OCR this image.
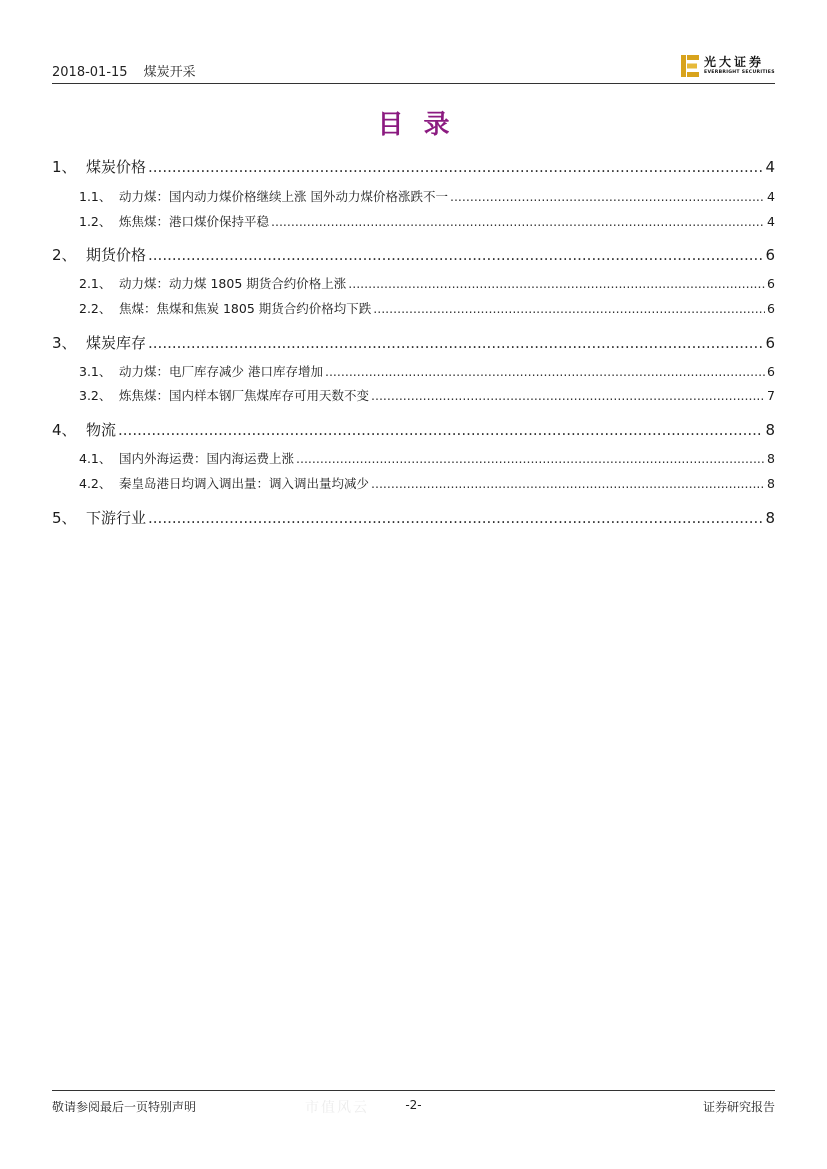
2018-01-15 煤炭开采
光大证券
EVERBRIGHT SECURITIES
目录
1、 煤炭价格 .....	4
1.1、 动力煤：国内动力煤价格继续上涨 国外动力煤价格涨跌不一 .....	4
1.2、 炼焦煤：港口煤价保持平稳 .....	4
2、 期货价格 .....	6
2.1、 动力煤：动力煤 1805 期货合约价格上涨 .....	6
2.2、 焦煤：焦煤和焦炭 1805 期货合约价格均下跌 .....	6
3、 煤炭库存 .....	6
3.1、 动力煤：电厂库存减少 港口库存增加 .....	6
3.2、 炼焦煤：国内样本钢厂焦煤库存可用天数不变 .....	7
4、 物流 .....	8
4.1、 国内外海运费：国内海运费上涨 .....	8
4.2、 秦皇岛港日均调入调出量：调入调出量均减少 .....	8
5、 下游行业 .....	8
市值风云
敬请参阅最后一页特别声明	-2-	证券研究报告
